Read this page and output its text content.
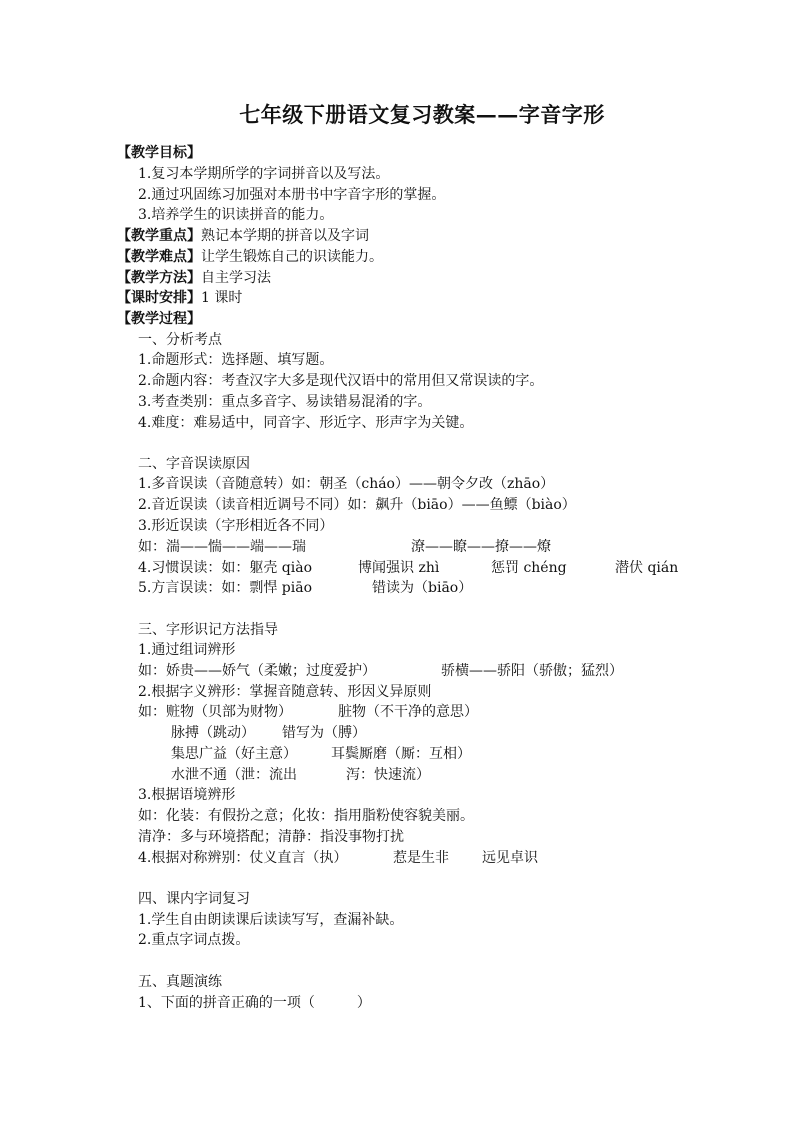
七年级下册语文复习教案——字音字形
【教学目标】
1.复习本学期所学的字词拼音以及写法。
2.通过巩固练习加强对本册书中字音字形的掌握。
3.培养学生的识读拼音的能力。
【教学重点】熟记本学期的拼音以及字词
【教学难点】让学生锻炼自己的识读能力。
【教学方法】自主学习法
【课时安排】1 课时
【教学过程】
一、分析考点
1.命题形式：选择题、填写题。
2.命题内容：考查汉字大多是现代汉语中的常用但又常误读的字。
3.考查类别：重点多音字、易读错易混淆的字。
4.难度：难易适中，同音字、形近字、形声字为关键。
二、字音误读原因
1.多音误读（音随意转）如：朝圣（cháo）——朝令夕改（zhāo）
2.音近误读（读音相近调号不同）如：飙升（biāo）——鱼鳔（biào）
3.形近误读（字形相近各不同）
如：湍——惴——端——瑞	潦——瞭——撩——燎
4.习惯误读：如：躯壳 qiào	博闻强识 zhì	惩罚 chéng	潜伏 qián
5.方言误读：如：剽悍 piāo	错读为（biāo）
三、字形识记方法指导
1.通过组词辨形
如：娇贵——娇气（柔嫩；过度爱护）	骄横——骄阳（骄傲；猛烈）
2.根据字义辨形：掌握音随意转、形因义异原则
如：赃物（贝部为财物）	脏物（不干净的意思）
脉搏（跳动） 错写为（膊）
集思广益（好主意） 耳鬓厮磨（厮：互相）
水泄不通（泄：流出	泻：快速流）
3.根据语境辨形
如：化装：有假扮之意；化妆：指用脂粉使容貌美丽。
清净：多与环境搭配；清静：指没事物打扰
4.根据对称辨别：仗义直言（执）	惹是生非 远见卓识
四、课内字词复习
1.学生自由朗读课后读读写写，查漏补缺。
2.重点字词点拨。
五、真题演练
1、下面的拼音正确的一项（　　　）
